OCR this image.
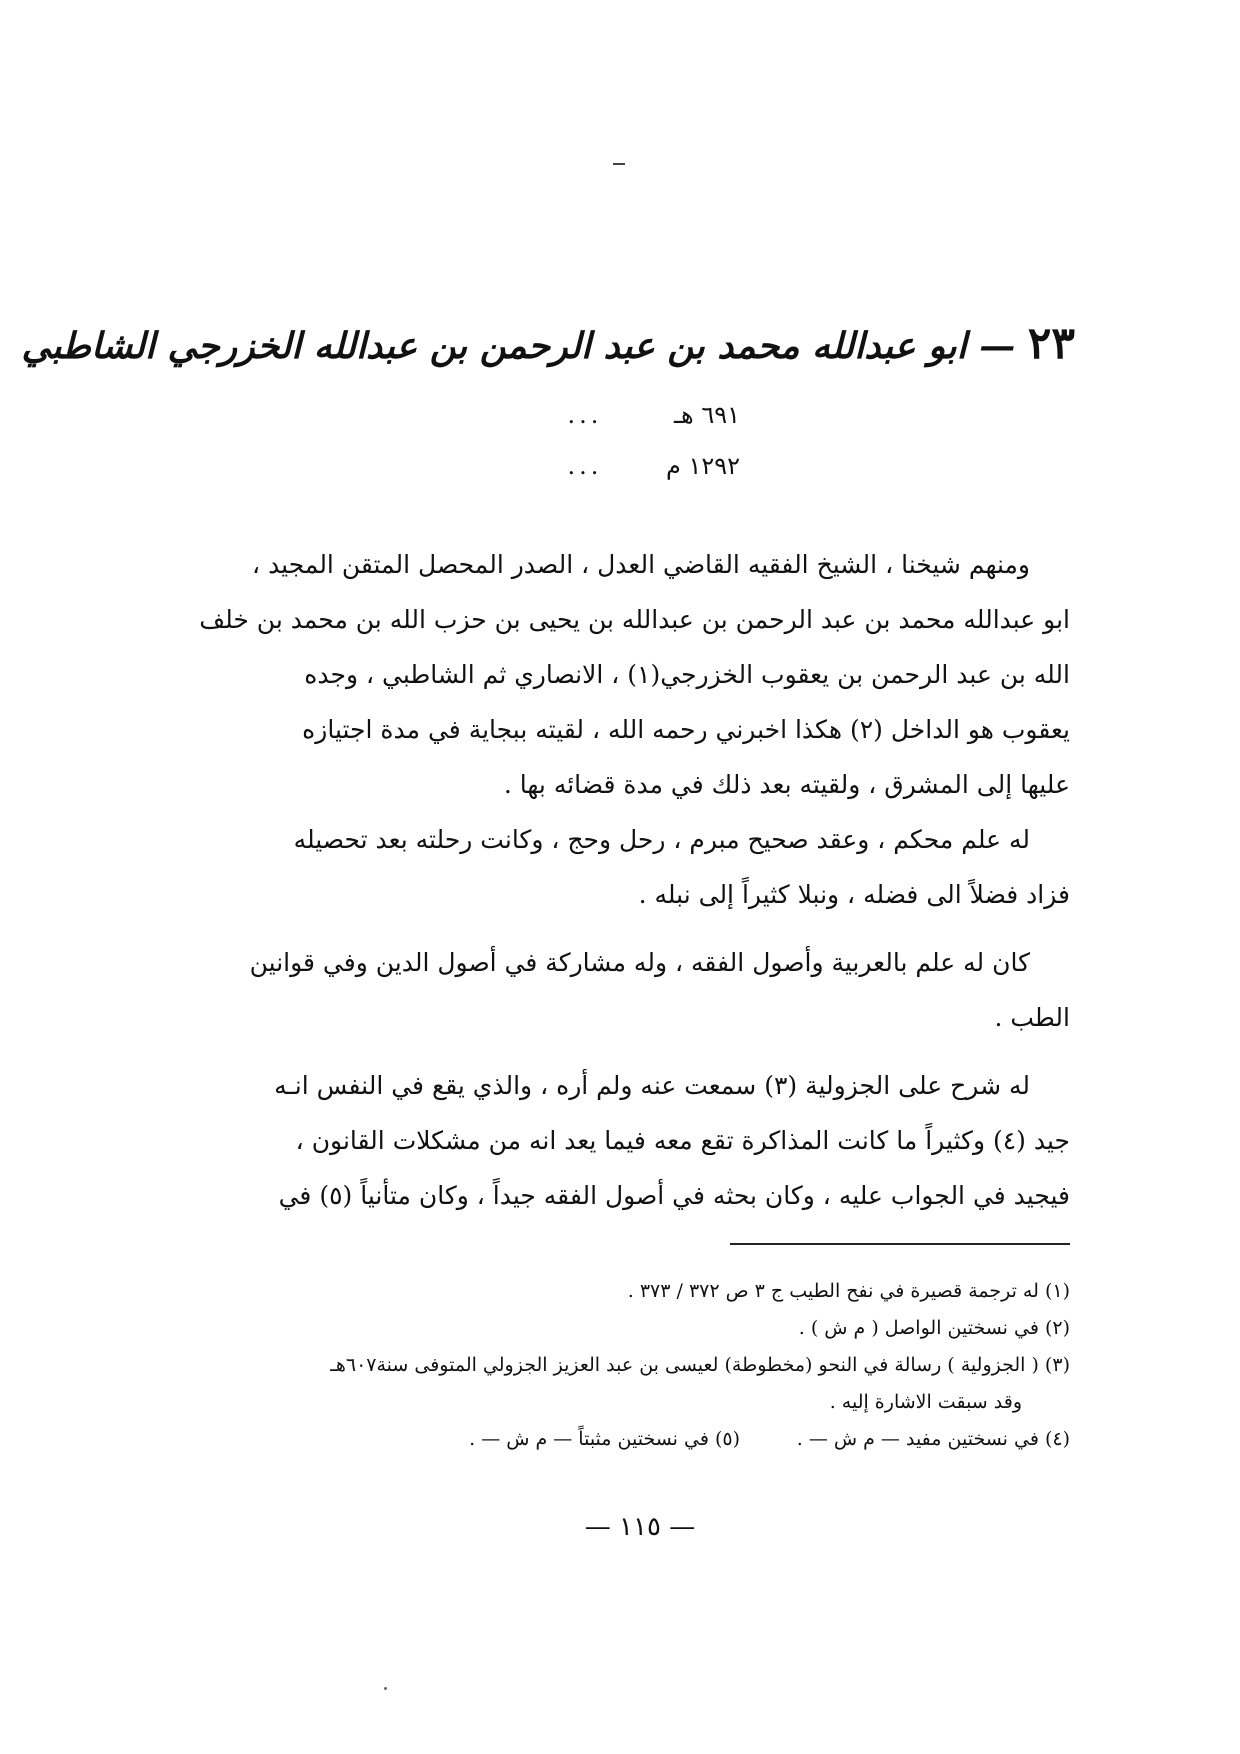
٢٣ — ابو عبدالله محمد بن عبد الرحمن بن عبدالله الخزرجي الشاطبي
٦٩١ هـ...
١٢٩٢ م...
ومنهم شيخنا ، الشيخ الفقيه القاضي العدل ، الصدر المحصل المتقن المجيد ،
ابو عبدالله محمد بن عبد الرحمن بن عبدالله بن يحيى بن حزب الله بن محمد بن خلف
الله بن عبد الرحمن بن يعقوب الخزرجي(١) ، الانصاري ثم الشاطبي ، وجده
يعقوب هو الداخل (٢) هكذا اخبرني رحمه الله ، لقيته ببجاية في مدة اجتيازه
عليها إلى المشرق ، ولقيته بعد ذلك في مدة قضائه بها .
له علم محكم ، وعقد صحيح مبرم ، رحل وحج ، وكانت رحلته بعد تحصيله
فزاد فضلاً الى فضله ، ونبلا كثيراً إلى نبله .
كان له علم بالعربية وأصول الفقه ، وله مشاركة في أصول الدين وفي قوانين
الطب .
له شرح على الجزولية (٣) سمعت عنه ولم أره ، والذي يقع في النفس انـه
جيد (٤) وكثيراً ما كانت المذاكرة تقع معه فيما يعد انه من مشكلات القانون ،
فيجيد في الجواب عليه ، وكان بحثه في أصول الفقه جيداً ، وكان متأنياً (٥) في
(١) له ترجمة قصيرة في نفح الطيب ج ٣ ص ٣٧٢ / ٣٧٣ .
(٢) في نسختين الواصل ( م ش ) .
(٣) ( الجزولية ) رسالة في النحو (مخطوطة) لعيسى بن عبد العزيز الجزولي المتوفى سنة٦٠٧هـ
وقد سبقت الاشارة إليه .
(٤) في نسختين مفيد — م ش — .
(٥) في نسختين مثبتاً — م ش — .
— ١١٥ —
